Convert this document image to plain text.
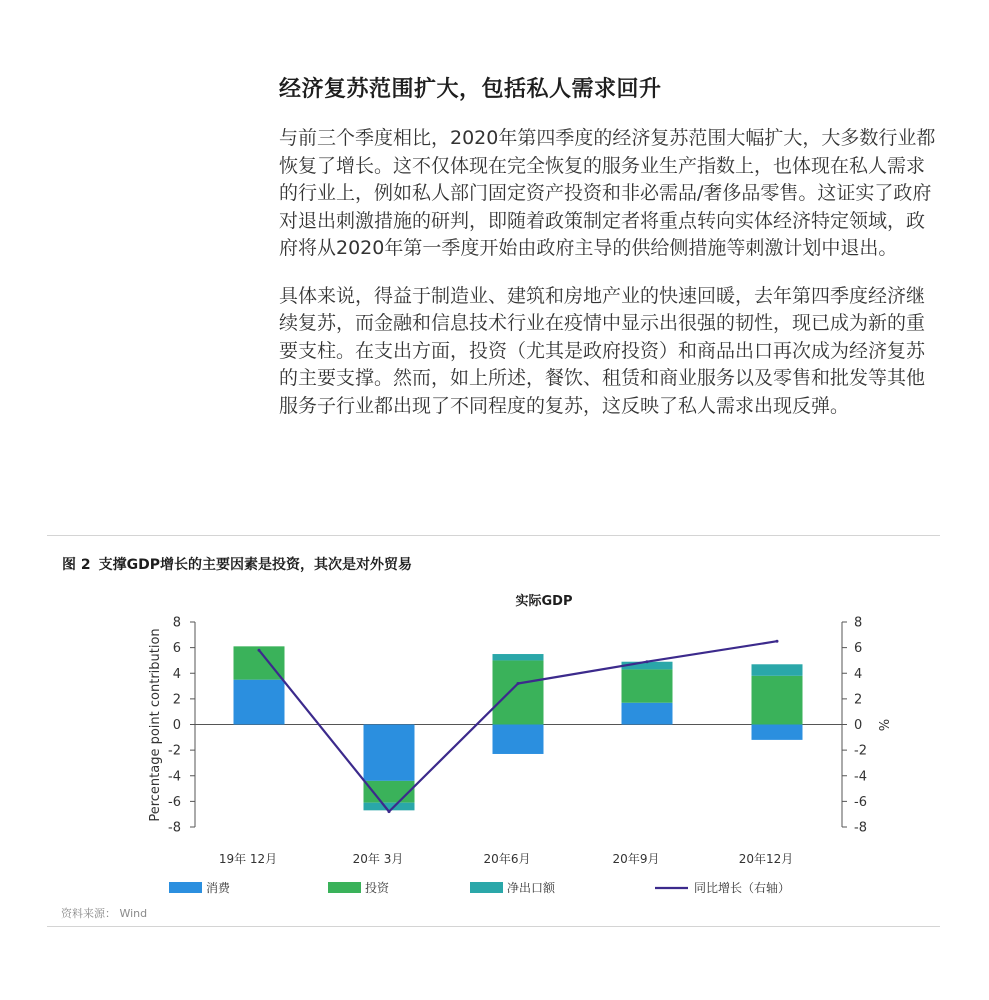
经济复苏范围扩大，包括私人需求回升

与前三个季度相比，2020年第四季度的经济复苏范围大幅扩大，大多数行业都恢复了增长。这不仅体现在完全恢复的服务业生产指数上，也体现在私人需求的行业上，例如私人部门固定资产投资和非必需品/奢侈品零售。这证实了政府对退出刺激措施的研判，即随着政策制定者将重点转向实体经济特定领域，政府将从2020年第一季度开始由政府主导的供给侧措施等刺激计划中退出。

具体来说，得益于制造业、建筑和房地产业的快速回暖，去年第四季度经济继续复苏，而金融和信息技术行业在疫情中显示出很强的韧性，现已成为新的重要支柱。在支出方面，投资（尤其是政府投资）和商品出口再次成为经济复苏的主要支撑。然而，如上所述，餐饮、租赁和商业服务以及零售和批发等其他服务子行业都出现了不同程度的复苏，这反映了私人需求出现反弹。

图 2 支撑GDP增长的主要因素是投资，其次是对外贸易
实际GDP
8	8
6	6
4	4
2	2
0	0
-2	-2
-4	-4
-6	-6
-8	-8
Percentage point contribution	%
19年 12月	20年 3月	20年6月	20年9月	20年12月
消费	投资	净出口额	同比增长（右轴）
资料来源： Wind
